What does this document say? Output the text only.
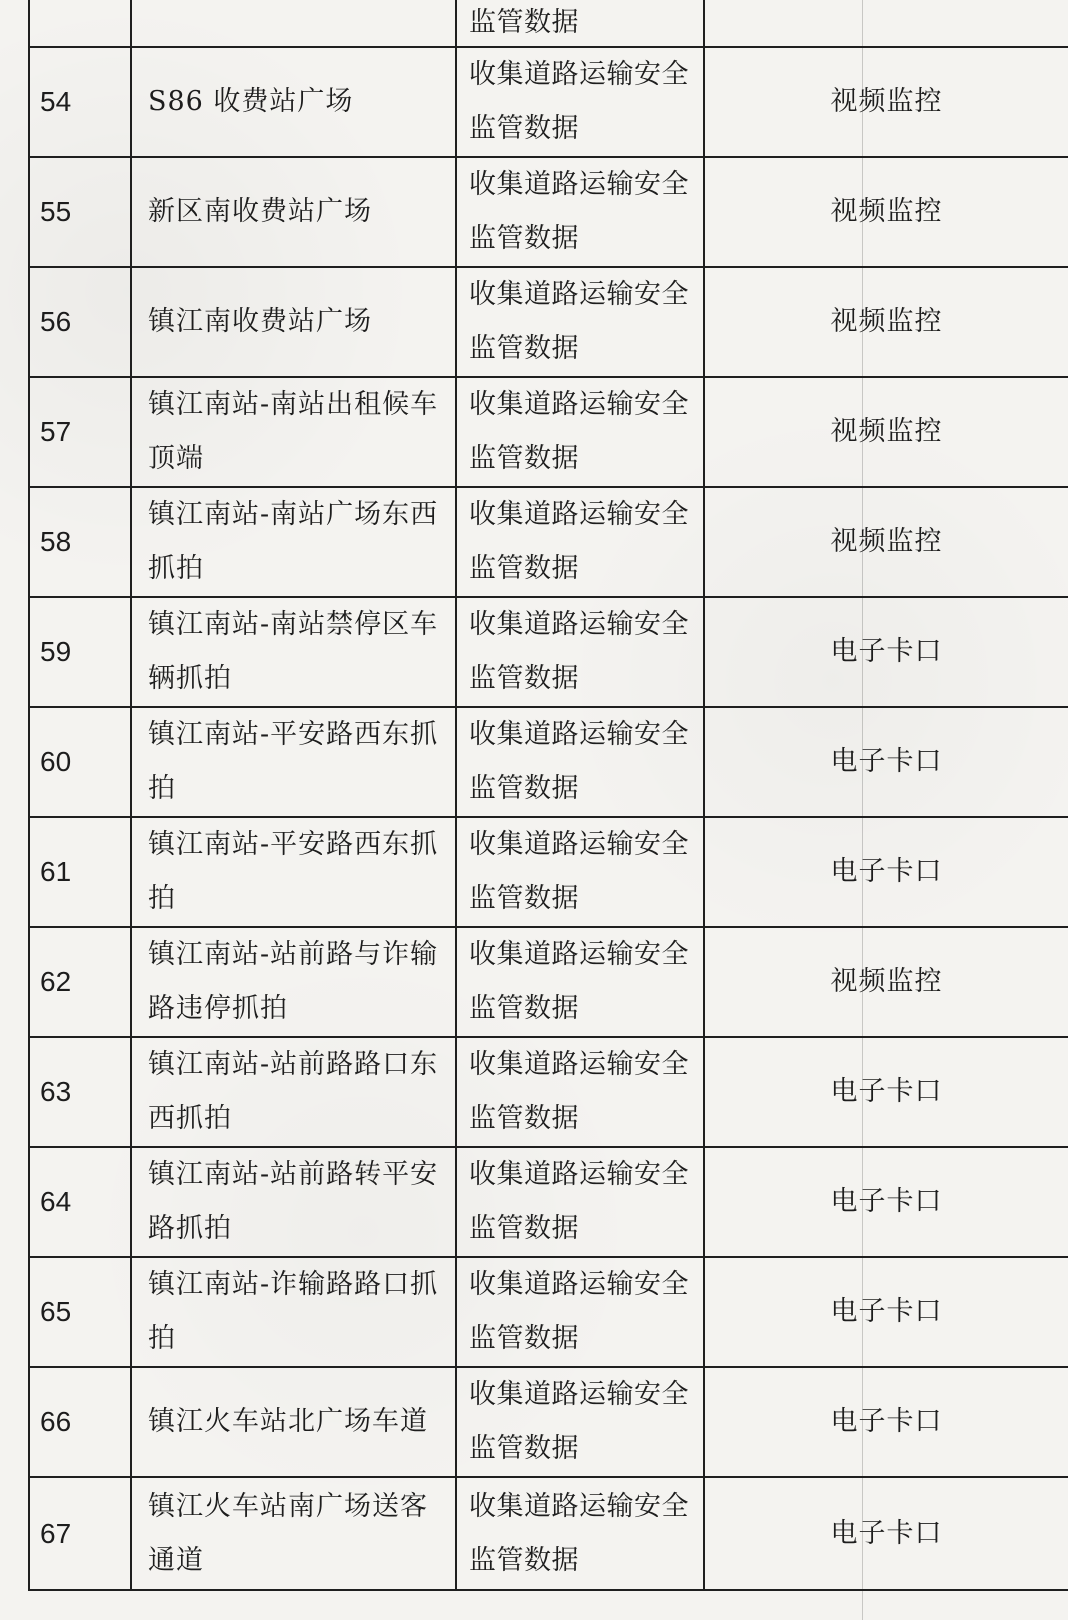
		监管数据	
54	S86 收费站广场	收集道路运输安全监管数据	视频监控
55	新区南收费站广场	收集道路运输安全监管数据	视频监控
56	镇江南收费站广场	收集道路运输安全监管数据	视频监控
57	镇江南站-南站出租候车顶端	收集道路运输安全监管数据	视频监控
58	镇江南站-南站广场东西抓拍	收集道路运输安全监管数据	视频监控
59	镇江南站-南站禁停区车辆抓拍	收集道路运输安全监管数据	电子卡口
60	镇江南站-平安路西东抓拍	收集道路运输安全监管数据	电子卡口
61	镇江南站-平安路西东抓拍	收集道路运输安全监管数据	电子卡口
62	镇江南站-站前路与诈输路违停抓拍	收集道路运输安全监管数据	视频监控
63	镇江南站-站前路路口东西抓拍	收集道路运输安全监管数据	电子卡口
64	镇江南站-站前路转平安路抓拍	收集道路运输安全监管数据	电子卡口
65	镇江南站-诈输路路口抓拍	收集道路运输安全监管数据	电子卡口
66	镇江火车站北广场车道	收集道路运输安全监管数据	电子卡口
67	镇江火车站南广场送客通道	收集道路运输安全监管数据	电子卡口
